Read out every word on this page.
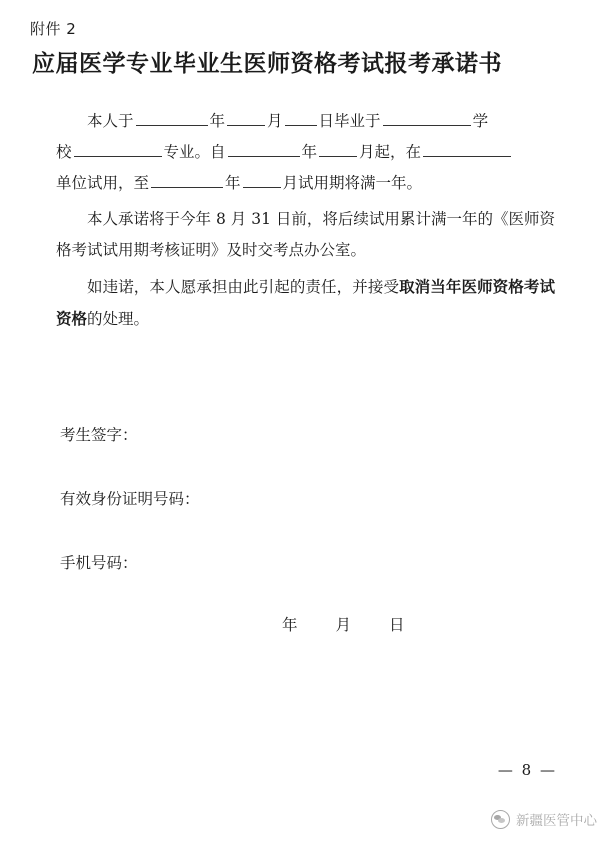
附件 2
应届医学专业毕业生医师资格考试报考承诺书

本人于	年	月 日毕业于	学
校	专业。自	年	月起，在
单位试用，至	年	月试用期将满一年。

本人承诺将于今年 8 月 31 日前，将后续试用累计满一年的《医师资格考试试用期考核证明》及时交考点办公室。

如违诺，本人愿承担由此引起的责任，并接受取消当年医师资格考试资格的处理。

考生签字：
有效身份证明号码：
手机号码：
年 月 日
— 8 —
新疆医管中心
